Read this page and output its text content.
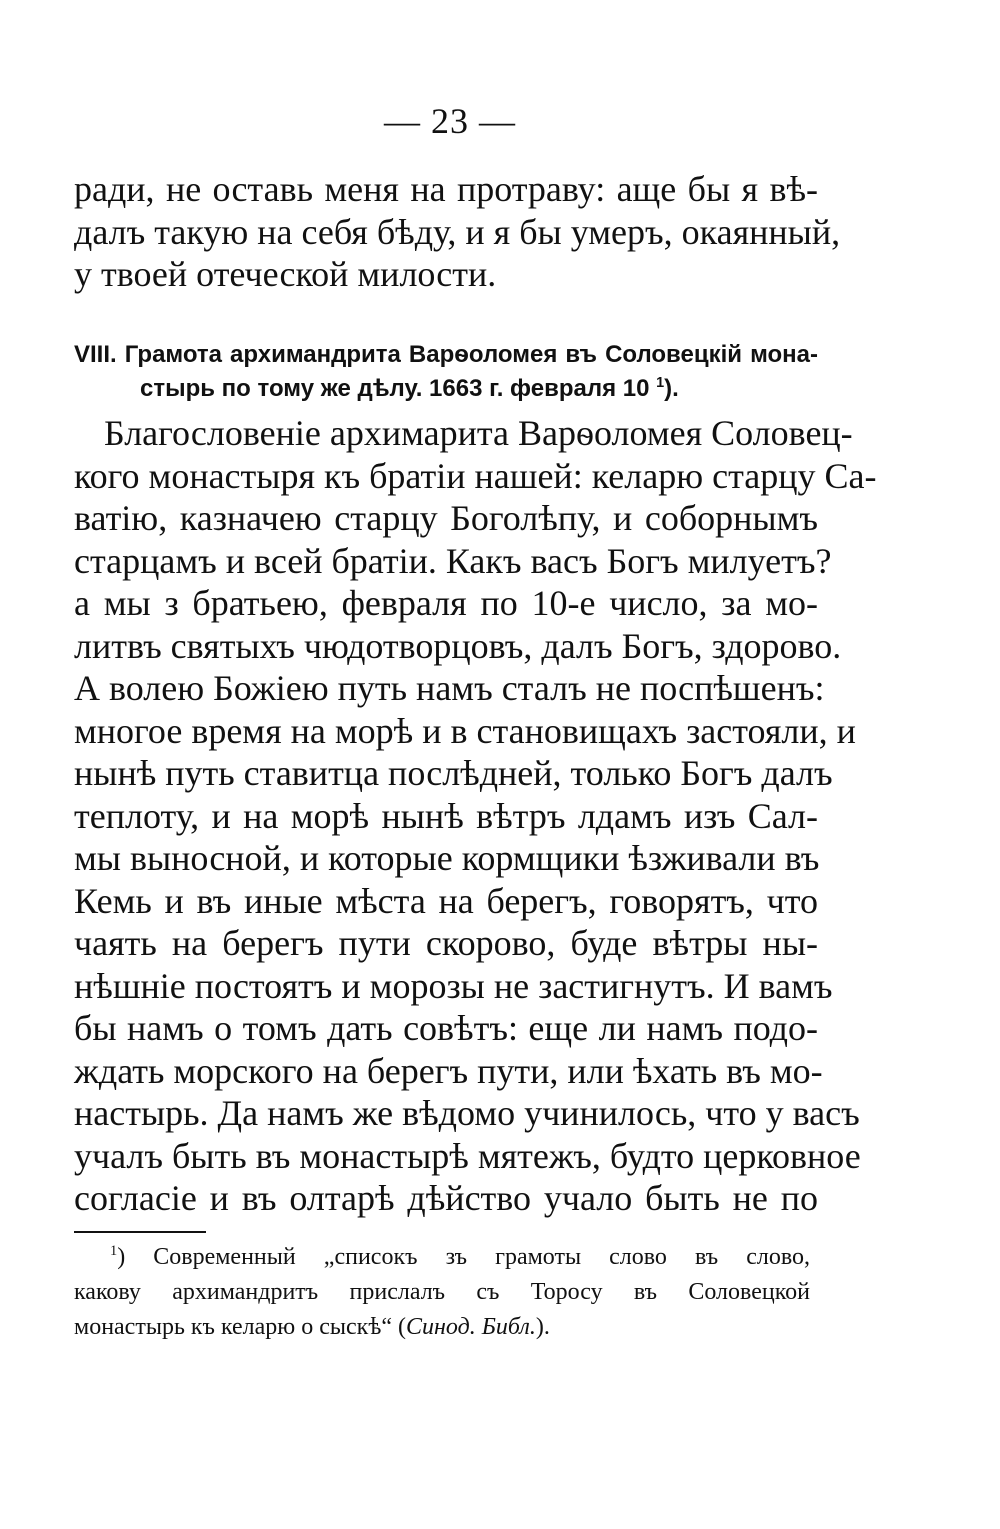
— 23 —
ради, не оставь меня на протраву: аще бы я вѣ-
далъ такую на себя бѣду, и я бы умеръ, окаянный,
у твоей отеческой милости.
VIII. Грамота архимандрита Варѳоломея въ Соловецкій мона-
стырь по тому же дѣлу. 1663 г. февраля 10 $^1$).
Благословеніе архимарита Варѳоломея Соловец-
кого монастыря къ братіи нашей: келарю старцу Са-
ватію, казначею старцу Боголѣпу, и соборнымъ
старцамъ и всей братіи. Какъ васъ Богъ милуетъ?
а мы з братьею, февраля по 10-е число, за мо-
литвъ святыхъ чюдотворцовъ, далъ Богъ, здорово.
А волею Божіею путь намъ сталъ не поспѣшенъ:
многое время на морѣ и в становищахъ застояли, и
нынѣ путь ставитца послѣдней, только Богъ далъ
теплоту, и на морѣ нынѣ вѣтръ лдамъ изъ Сал-
мы выносной, и которые кормщики ѣзживали въ
Кемь и въ иные мѣста на берегъ, говорятъ, что
чаять на берегъ пути скорово, буде вѣтры ны-
нѣшніе постоятъ и морозы не застигнутъ. И вамъ
бы намъ о томъ дать совѣтъ: еще ли намъ подо-
ждать морского на берегъ пути, или ѣхать въ мо-
настырь. Да намъ же вѣдомо учинилось, что у васъ
учалъ быть въ монастырѣ мятежъ, будто церковное
согласіе и въ олтарѣ дѣйство учало быть не по
$^1$) Современный „списокъ зъ грамоты слово въ слово,
какову архимандритъ прислалъ съ Торосу въ Соловецкой
монастырь къ келарю о сыскѣ“ (Синод. Библ.).
